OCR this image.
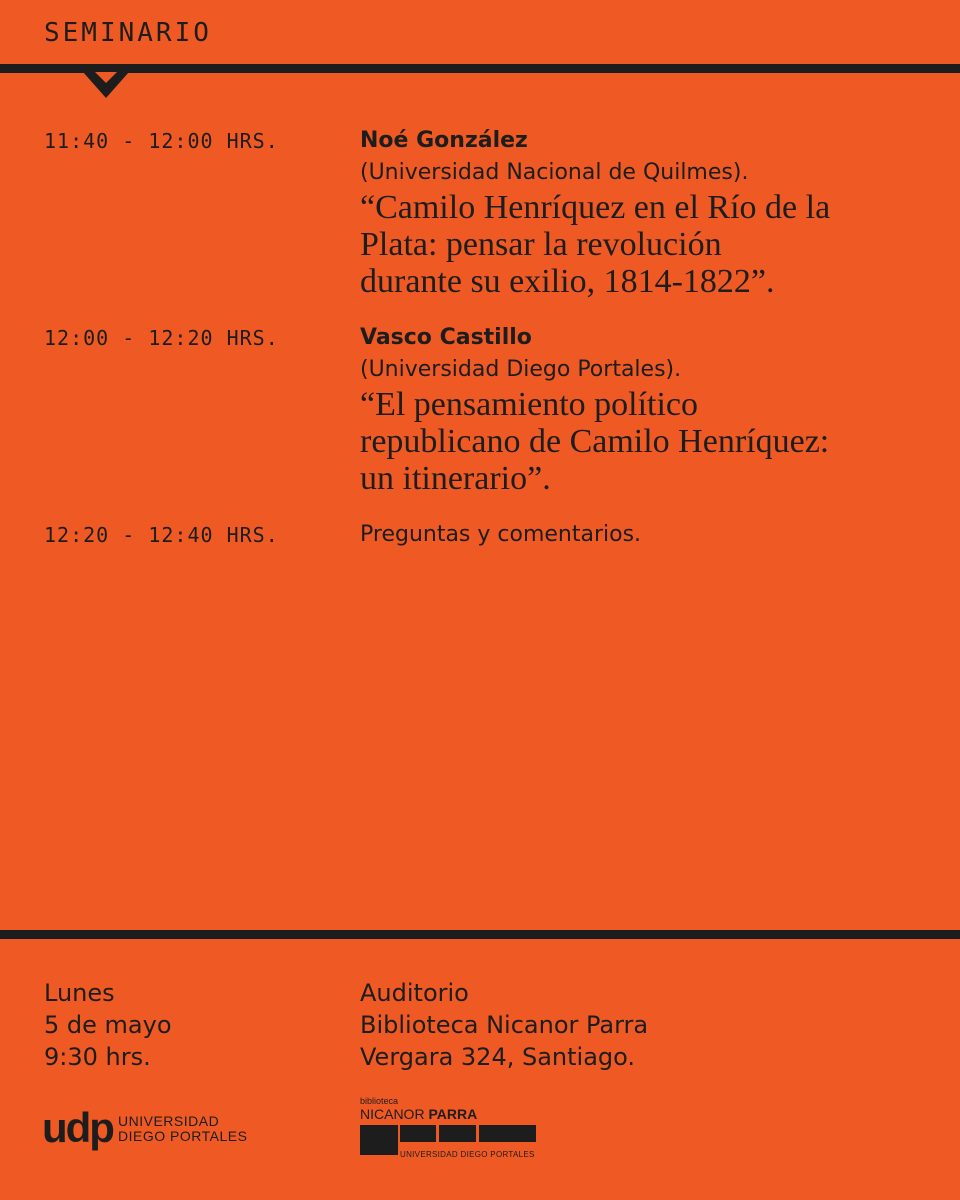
SEMINARIO
11:40 - 12:00 HRS.	Noé González
(Universidad Nacional de Quilmes).
“Camilo Henríquez en el Río de la
Plata: pensar la revolución
durante su exilio, 1814-1822”.
12:00 - 12:20 HRS.	Vasco Castillo
(Universidad Diego Portales).
“El pensamiento político
republicano de Camilo Henríquez:
un itinerario”.
12:20 - 12:40 HRS.	Preguntas y comentarios.
Lunes
5 de mayo
9:30 hrs.
Auditorio
Biblioteca Nicanor Parra
Vergara 324, Santiago.
udp UNIVERSIDAD
DIEGO PORTALES
biblioteca
NICANOR PARRA
UNIVERSIDAD DIEGO PORTALES
